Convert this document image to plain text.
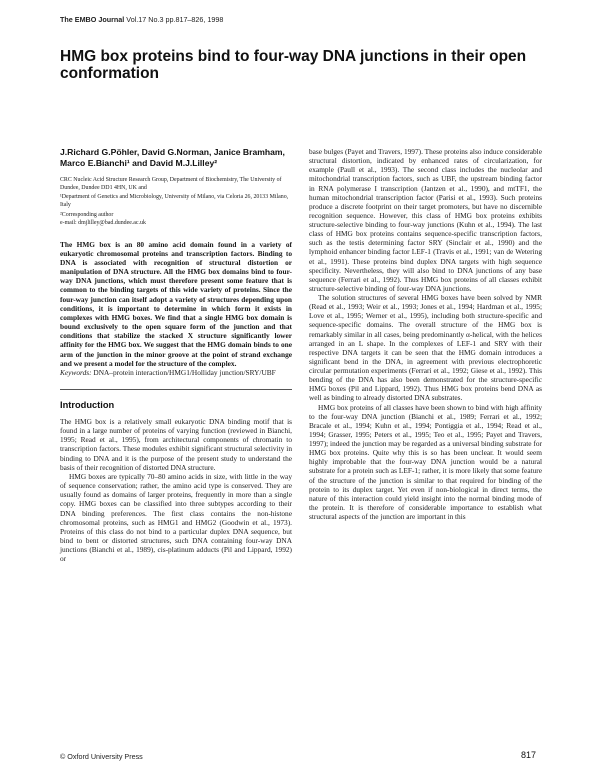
The EMBO Journal Vol.17 No.3 pp.817–826, 1998
HMG box proteins bind to four-way DNA junctions in their open conformation

J.Richard G.Pöhler, David G.Norman, Janice Bramham, Marco E.Bianchi¹ and David M.J.Lilley²

CRC Nucleic Acid Structure Research Group, Department of Biochemistry, The University of Dundee, Dundee DD1 4HN, UK and

¹Department of Genetics and Microbiology, University of Milano, via Celoria 26, 20133 Milano, Italy

²Corresponding author

e-mail: dmjlilley@bad.dundee.ac.uk

The HMG box is an 80 amino acid domain found in a variety of eukaryotic chromosomal proteins and transcription factors. Binding to DNA is associated with recognition of structural distortion or manipulation of DNA structure. All the HMG box domains bind to four-way DNA junctions, which must therefore present some feature that is common to the binding targets of this wide variety of proteins. Since the four-way junction can itself adopt a variety of structures depending upon conditions, it is important to determine in which form it exists in complexes with HMG boxes. We find that a single HMG box domain is bound exclusively to the open square form of the junction and that conditions that stabilize the stacked X structure significantly lower affinity for the HMG box. We suggest that the HMG domain binds to one arm of the junction in the minor groove at the point of strand exchange and we present a model for the structure of the complex.

Keywords: DNA–protein interaction/HMG1/Holliday junction/SRY/UBF

Introduction

The HMG box is a relatively small eukaryotic DNA binding motif that is found in a large number of proteins of varying function (reviewed in Bianchi, 1995; Read et al., 1995), from architectural components of chromatin to transcription factors. These modules exhibit significant structural selectivity in binding to DNA and it is the purpose of the present study to understand the basis of their recognition of distorted DNA structure.

HMG boxes are typically 70–80 amino acids in size, with little in the way of sequence conservation; rather, the amino acid type is conserved. They are usually found as domains of larger proteins, frequently in more than a single copy. HMG boxes can be classified into three subtypes according to their DNA binding preferences. The first class contains the non-histone chromosomal proteins, such as HMG1 and HMG2 (Goodwin et al., 1973). Proteins of this class do not bind to a particular duplex DNA sequence, but bind to bent or distorted structures, such DNA containing four-way DNA junctions (Bianchi et al., 1989), cis-platinum adducts (Pil and Lippard, 1992) or

base bulges (Payet and Travers, 1997). These proteins also induce considerable structural distortion, indicated by enhanced rates of circularization, for example (Paull et al., 1993). The second class includes the nucleolar and mitochondrial transcription factors, such as UBF, the upstream binding factor in RNA polymerase I transcription (Jantzen et al., 1990), and mtTF1, the human mitochondrial transcription factor (Parisi et al., 1993). Such proteins produce a discrete footprint on their target promoters, but have no discernible recognition sequence. However, this class of HMG box proteins exhibits structure-selective binding to four-way junctions (Kuhn et al., 1994). The last class of HMG box proteins contains sequence-specific transcription factors, such as the testis determining factor SRY (Sinclair et al., 1990) and the lymphoid enhancer binding factor LEF-1 (Travis et al., 1991; van de Wetering et al., 1991). These proteins bind duplex DNA targets with high sequence specificity. Nevertheless, they will also bind to DNA junctions of any base sequence (Ferrari et al., 1992). Thus HMG box proteins of all classes exhibit structure-selective binding of four-way DNA junctions.

The solution structures of several HMG boxes have been solved by NMR (Read et al., 1993; Weir et al., 1993; Jones et al., 1994; Hardman et al., 1995; Love et al., 1995; Werner et al., 1995), including both structure-specific and sequence-specific domains. The overall structure of the HMG box is remarkably similar in all cases, being predominantly α-helical, with the helices arranged in an L shape. In the complexes of LEF-1 and SRY with their respective DNA targets it can be seen that the HMG domain introduces a significant bend in the DNA, in agreement with previous electrophoretic circular permutation experiments (Ferrari et al., 1992; Giese et al., 1992). This bending of the DNA has also been demonstrated for the structure-specific HMG boxes (Pil and Lippard, 1992). Thus HMG box proteins bend DNA as well as binding to already distorted DNA substrates.

HMG box proteins of all classes have been shown to bind with high affinity to the four-way DNA junction (Bianchi et al., 1989; Ferrari et al., 1992; Bracale et al., 1994; Kuhn et al., 1994; Pontiggia et al., 1994; Read et al., 1994; Grasser, 1995; Peters et al., 1995; Teo et al., 1995; Payet and Travers, 1997); indeed the junction may be regarded as a universal binding substrate for HMG box proteins. Quite why this is so has been unclear. It would seem highly improbable that the four-way DNA junction would be a natural substrate for a protein such as LEF-1; rather, it is more likely that some feature of the structure of the junction is similar to that required for binding of the protein to its duplex target. Yet even if non-biological in direct terms, the nature of this interaction could yield insight into the normal binding mode of the protein. It is therefore of considerable importance to establish what structural aspects of the junction are important in this

© Oxford University Press	817
